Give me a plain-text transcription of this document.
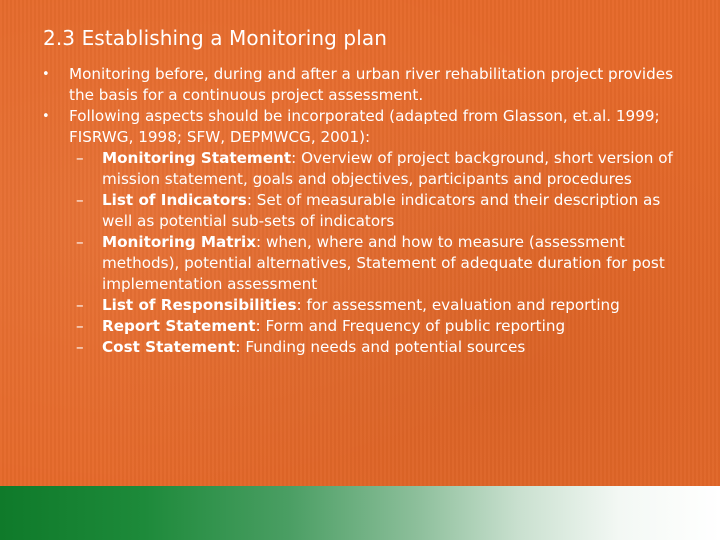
2.3 Establishing a Monitoring plan

• Monitoring before, during and after a urban river rehabilitation project provides the basis for a continuous project assessment.

• Following aspects should be incorporated (adapted from Glasson, et.al. 1999; FISRWG, 1998; SFW, DEPMWCG, 2001):

– Monitoring Statement: Overview of project background, short version of mission statement, goals and objectives, participants and procedures

– List of Indicators: Set of measurable indicators and their description as well as potential sub-sets of indicators

– Monitoring Matrix: when, where and how to measure (assessment methods), potential alternatives, Statement of adequate duration for post implementation assessment

– List of Responsibilities: for assessment, evaluation and reporting

– Report Statement: Form and Frequency of public reporting

– Cost Statement: Funding needs and potential sources
